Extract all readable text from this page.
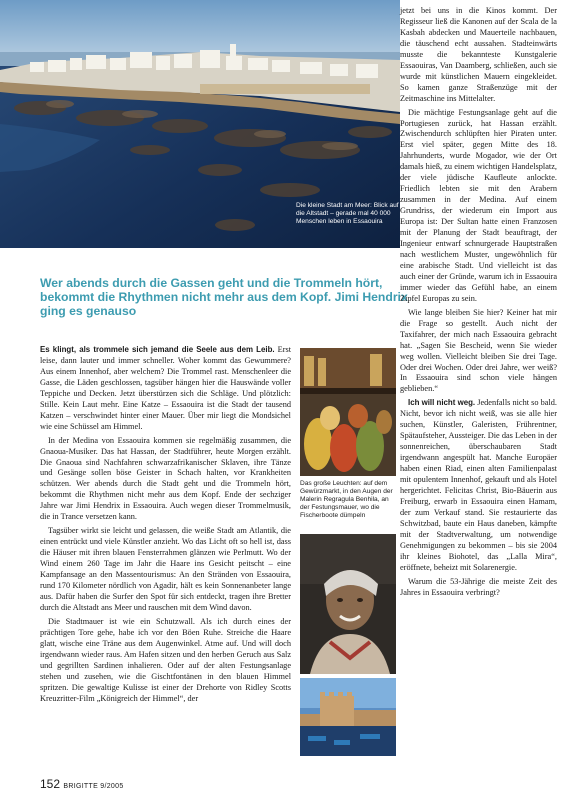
Die kleine Stadt am Meer: Blick auf die Altstadt – gerade mal 40 000 Menschen leben in Essaouira
Wer abends durch die Gassen geht und die Trommeln hört, bekommt die Rhythmen nicht mehr aus dem Kopf. Jimi Hendrix ging es genauso

Es klingt, als trommele sich jemand die Seele aus dem Leib. Erst leise, dann lauter und immer schneller. Woher kommt das Gewummere? Aus einem Innenhof, aber welchem? Die Trommel rast. Menschenleer die Gasse, die Läden geschlossen, tagsüber hängen hier die Hauswände voller Teppiche und Decken. Jetzt überstürzen sich die Schläge. Und plötzlich: Stille. Kein Laut mehr. Eine Katze – Essaouira ist die Stadt der tausend Katzen – verschwindet hinter einer Mauer. Über mir liegt die Mondsichel wie eine Schüssel am Himmel.

In der Medina von Essaouira kommen sie regelmäßig zusammen, die Gnaoua-Musiker. Das hat Hassan, der Stadtführer, heute Morgen erzählt. Die Gnaoua sind Nachfahren schwarzafrikanischer Sklaven, ihre Tänze und Gesänge sollen böse Geister in Schach halten, vor Krankheiten schützen. Wer abends durch die Stadt geht und die Trommeln hört, bekommt die Rhythmen nicht mehr aus dem Kopf. Ende der sechziger Jahre war Jimi Hendrix in Essaouira. Auch wegen dieser Trommelmusik, die in Trance versetzen kann.

Tagsüber wirkt sie leicht und gelassen, die weiße Stadt am Atlantik, die einen entrückt und viele Künstler anzieht. Wo das Licht oft so hell ist, dass die Häuser mit ihren blauen Fensterrahmen glänzen wie Perlmutt. Wo der Wind einem 260 Tage im Jahr die Haare ins Gesicht peitscht – eine Kampfansage an den Massentourismus: An den Stränden von Essaouira, rund 170 Kilometer nördlich von Agadir, hält es kein Sonnenanbeter lange aus. Dafür haben die Surfer den Spot für sich entdeckt, tragen ihre Bretter durch die Altstadt ans Meer und rauschen mit dem Wind davon.

Die Stadtmauer ist wie ein Schutzwall. Als ich durch eines der prächtigen Tore gehe, habe ich vor den Böen Ruhe. Streiche die Haare glatt, wische eine Träne aus dem Augenwinkel. Atme auf. Und will doch irgendwann wieder raus. Am Hafen sitzen und den herben Geruch aus Salz und gegrillten Sardinen inhalieren. Oder auf der alten Festungsanlage stehen und zusehen, wie die Gischtfontänen in den blauen Himmel spritzen. Die gewaltige Kulisse ist einer der Drehorte von Ridley Scotts Kreuzritter-Film „Königreich der Himmel“, der

Das große Leuchten: auf dem Gewürzmarkt, in den Augen der Malerin Regragula Benhila, an der Festungsmauer, wo die Fischerboote dümpeln

jetzt bei uns in die Kinos kommt. Der Regisseur ließ die Kanonen auf der Scala de la Kasbah abdecken und Mauerteile nachbauen, die täuschend echt aussahen. Stadteinwärts musste die bekannteste Kunstgalerie Essaouiras, Van Daamberg, schließen, auch sie wurde mit künstlichen Mauern eingekleidet. So kamen ganze Straßenzüge mit der Zeitmaschine ins Mittelalter.

Die mächtige Festungsanlage geht auf die Portugiesen zurück, hat Hassan erzählt. Zwischendurch schlüpften hier Piraten unter. Erst viel später, gegen Mitte des 18. Jahrhunderts, wurde Mogador, wie der Ort damals hieß, zu einem wichtigen Handelsplatz, der viele jüdische Kaufleute anlockte. Friedlich lebten sie mit den Arabern zusammen in der Medina. Auf einem Grundriss, der wiederum ein Import aus Europa ist: Der Sultan hatte einen Franzosen mit der Planung der Stadt beauftragt, der Ingenieur entwarf schnurgerade Hauptstraßen nach westlichem Muster, ungewöhnlich für eine arabische Stadt. Und vielleicht ist das auch einer der Gründe, warum ich in Essaouira immer wieder das Gefühl habe, an einem Zipfel Europas zu sein.

Wie lange bleiben Sie hier? Keiner hat mir die Frage so gestellt. Auch nicht der Taxifahrer, der mich nach Essaouira gebracht hat. „Sagen Sie Bescheid, wenn Sie wieder weg wollen. Vielleicht bleiben Sie drei Tage. Oder drei Wochen. Oder drei Jahre, wer weiß? In Essaouira sind schon viele hängen geblieben.“

Ich will nicht weg. Jedenfalls nicht so bald. Nicht, bevor ich nicht weiß, was sie alle hier suchen, Künstler, Galeristen, Frührentner, Spätaufsteher, Aussteiger. Die das Leben in der sonnenreichen, überschaubaren Stadt irgendwann angespült hat. Manche Europäer haben einen Riad, einen alten Familienpalast mit opulentem Innenhof, gekauft und als Hotel hergerichtet. Felicitas Christ, Bio-Bäuerin aus Freiburg, erwarb in Essaouira einen Hamam, der zum Verkauf stand. Sie restaurierte das Schwitzbad, baute ein Haus daneben, kämpfte mit der Stadtverwaltung, um notwendige Genehmigungen zu bekommen – bis sie 2004 ihr kleines Biohotel, das „Lalla Mira“, eröffnete, beheizt mit Solarenergie.

Warum die 53-Jährige die meiste Zeit des Jahres in Essaouira verbringt?

152 BRIGITTE 9/2005
